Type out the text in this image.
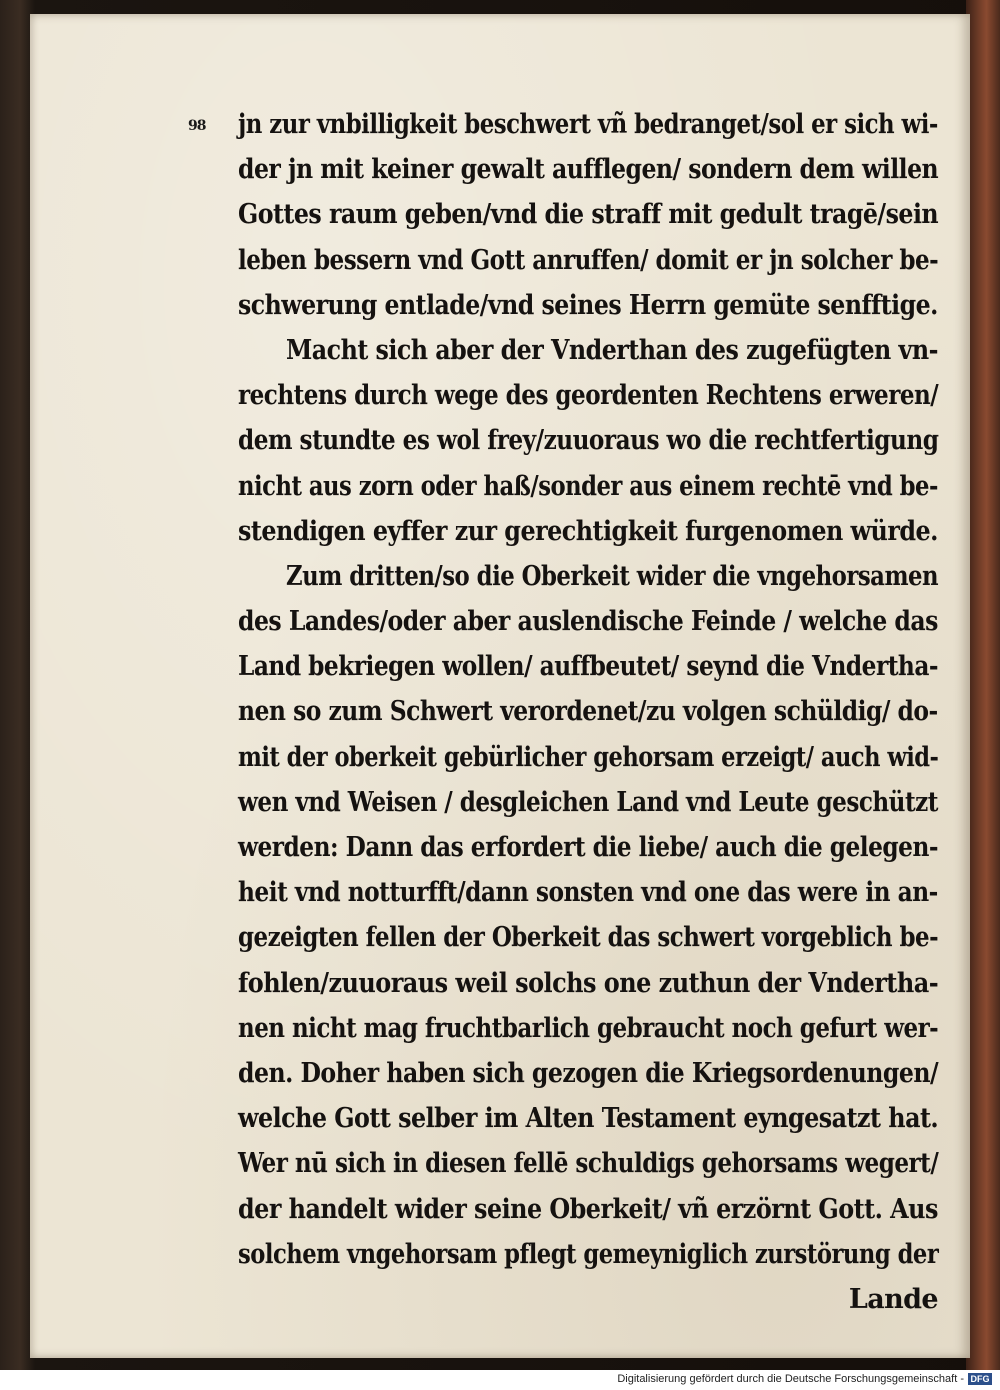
98 jn zur vnbilligkeit beschwert vñ bedranget/sol er sich wi-
der jn mit keiner gewalt aufflegen/ sondern dem willen
Gottes raum geben/vnd die straff mit gedult tragē/sein
leben bessern vnd Gott anruffen/ domit er jn solcher be-
schwerung entlade/vnd seines Herrn gemüte senfftige.
Macht sich aber der Vnderthan des zugefügten vn-
rechtens durch wege des geordenten Rechtens erweren/
dem stundte es wol frey/zuuoraus wo die rechtfertigung
nicht aus zorn oder haß/sonder aus einem rechtē vnd be-
stendigen eyffer zur gerechtigkeit furgenomen würde.
Zum dritten/so die Oberkeit wider die vngehorsamen
des Landes/oder aber auslendische Feinde / welche das
Land bekriegen wollen/ auffbeutet/ seynd die Vndertha-
nen so zum Schwert verordenet/zu volgen schüldig/ do-
mit der oberkeit gebürlicher gehorsam erzeigt/ auch wid-
wen vnd Weisen / desgleichen Land vnd Leute geschützt
werden: Dann das erfordert die liebe/ auch die gelegen-
heit vnd notturfft/dann sonsten vnd one das were in an-
gezeigten fellen der Oberkeit das schwert vorgeblich be-
fohlen/zuuoraus weil solchs one zuthun der Vndertha-
nen nicht mag fruchtbarlich gebraucht noch gefurt wer-
den. Doher haben sich gezogen die Kriegsordenungen/
welche Gott selber im Alten Testament eyngesatzt hat.
Wer nū sich in diesen fellē schuldigs gehorsams wegert/
der handelt wider seine Oberkeit/ vñ erzörnt Gott. Aus
solchem vngehorsam pflegt gemeyniglich zurstörung der
Lande
Digitalisierung gefördert durch die Deutsche Forschungsgemeinschaft - DFG
